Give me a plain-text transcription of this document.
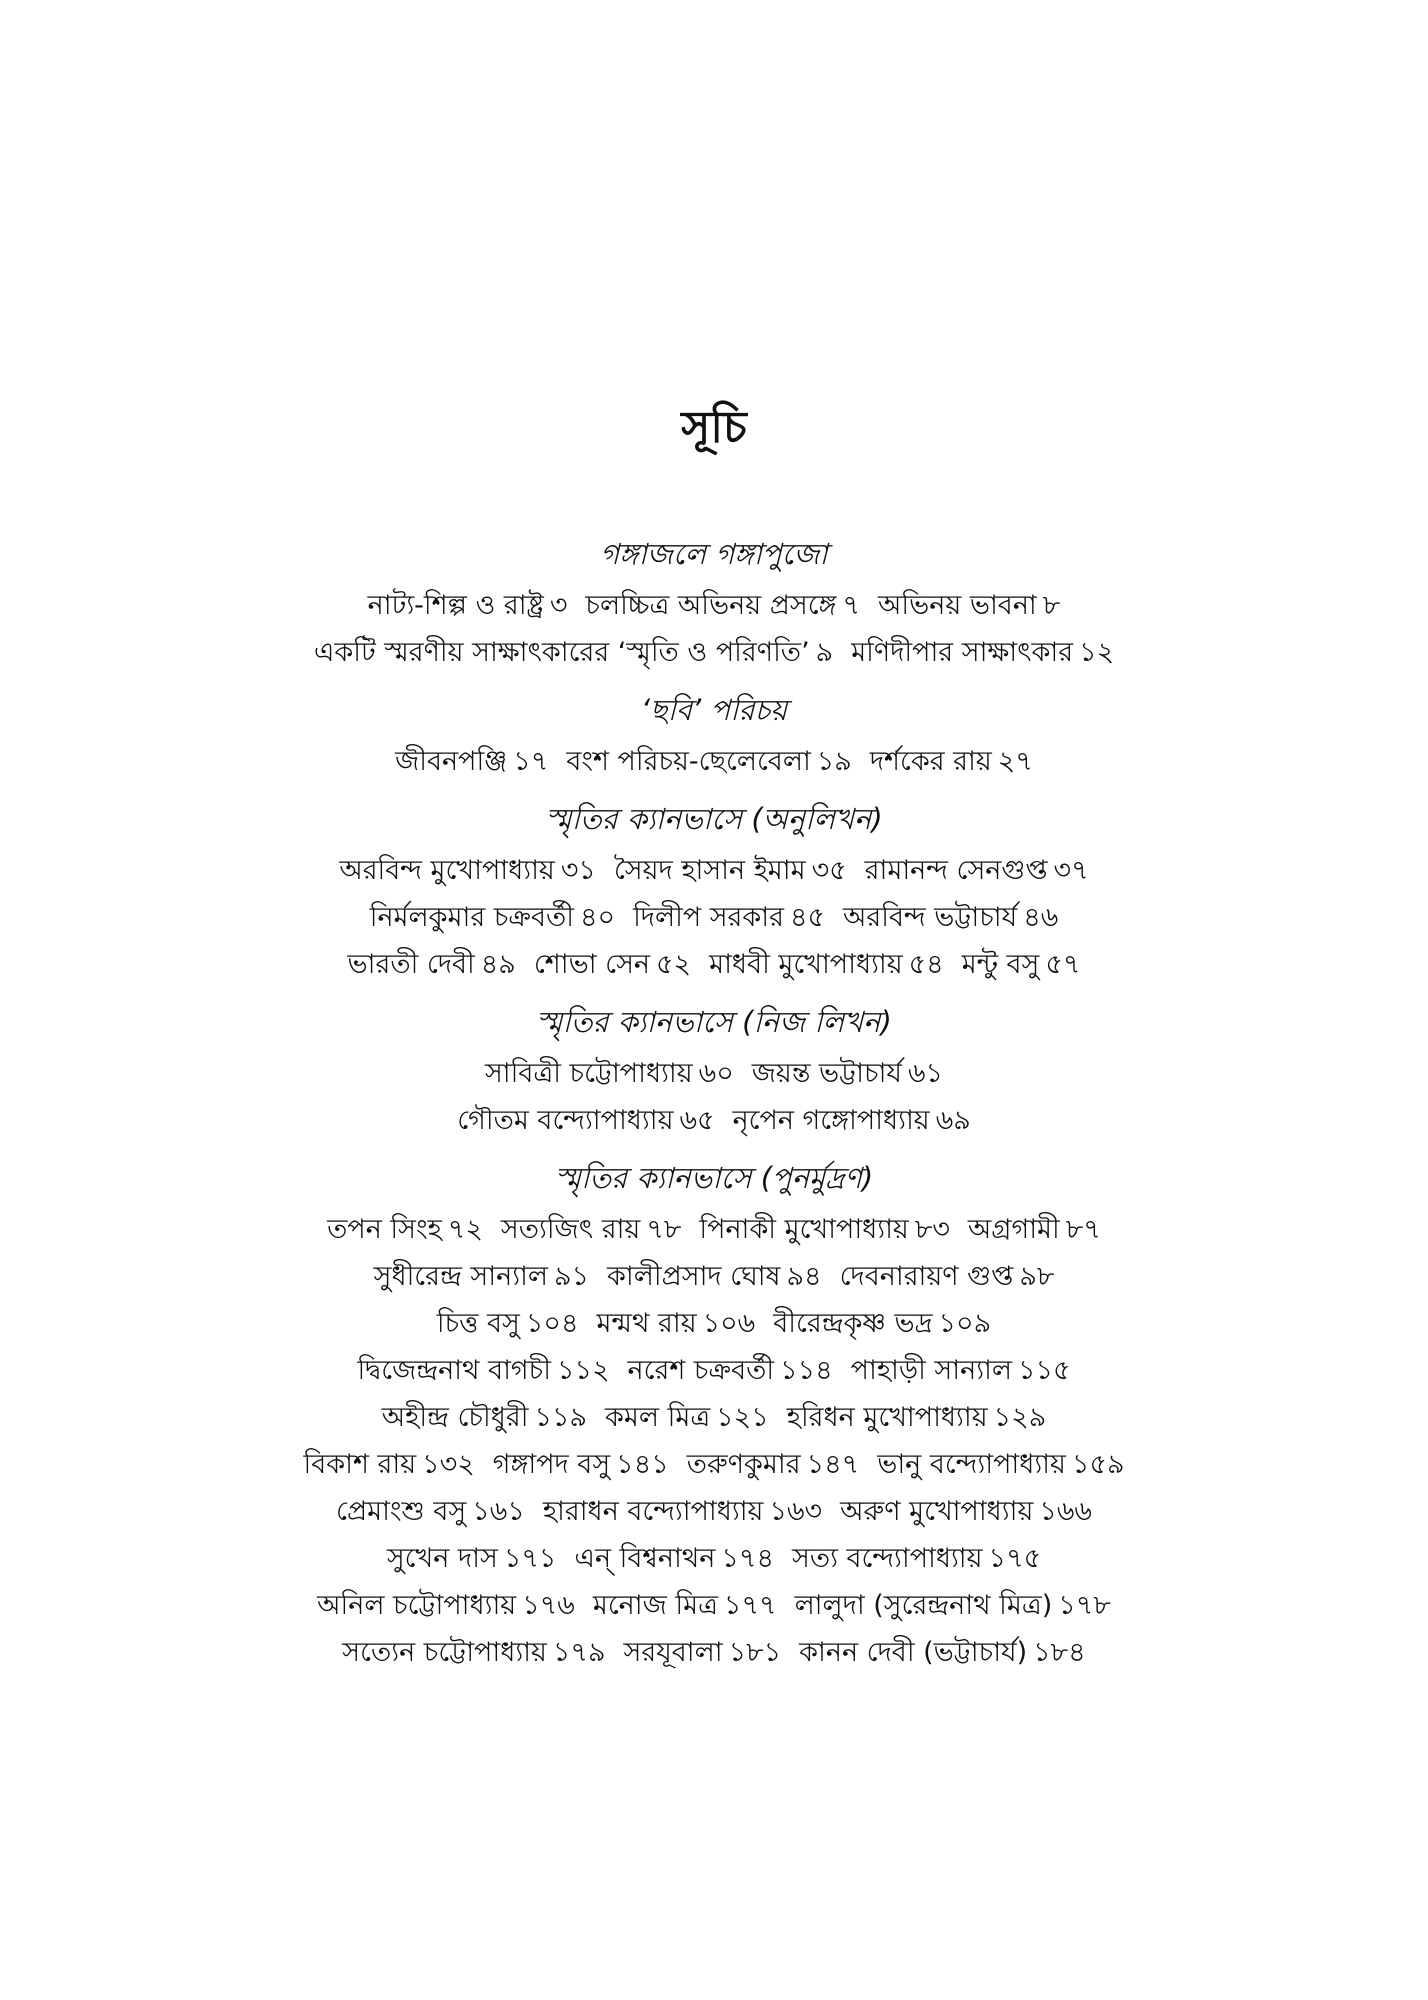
সূচি
গঙ্গাজলে গঙ্গাপুজো
নাট্য-শিল্প ও রাষ্ট্র ৩ চলচ্চিত্র অভিনয় প্রসঙ্গে ৭ অভিনয় ভাবনা ৮
একটি স্মরণীয় সাক্ষাৎকারের ‘স্মৃতি ও পরিণতি’ ৯ মণিদীপার সাক্ষাৎকার ১২
‘ছবি’ পরিচয়
জীবনপঞ্জি ১৭ বংশ পরিচয়-ছেলেবেলা ১৯ দর্শকের রায় ২৭
স্মৃতির ক্যানভাসে (অনুলিখন)
অরবিন্দ মুখোপাধ্যায় ৩১ সৈয়দ হাসান ইমাম ৩৫ রামানন্দ সেনগুপ্ত ৩৭
নির্মলকুমার চক্রবর্তী ৪০ দিলীপ সরকার ৪৫ অরবিন্দ ভট্টাচার্য ৪৬
ভারতী দেবী ৪৯ শোভা সেন ৫২ মাধবী মুখোপাধ্যায় ৫৪ মন্টু বসু ৫৭
স্মৃতির ক্যানভাসে (নিজ লিখন)
সাবিত্রী চট্টোপাধ্যায় ৬০ জয়ন্ত ভট্টাচার্য ৬১
গৌতম বন্দ্যোপাধ্যায় ৬৫ নৃপেন গঙ্গোপাধ্যায় ৬৯
স্মৃতির ক্যানভাসে (পুনর্মুদ্রণ)
তপন সিংহ ৭২ সত্যজিৎ রায় ৭৮ পিনাকী মুখোপাধ্যায় ৮৩ অগ্রগামী ৮৭
সুধীরেন্দ্র সান্যাল ৯১ কালীপ্রসাদ ঘোষ ৯৪ দেবনারায়ণ গুপ্ত ৯৮
চিত্ত বসু ১০৪ মন্মথ রায় ১০৬ বীরেন্দ্রকৃষ্ণ ভদ্র ১০৯
দ্বিজেন্দ্রনাথ বাগচী ১১২ নরেশ চক্রবর্তী ১১৪ পাহাড়ী সান্যাল ১১৫
অহীন্দ্র চৌধুরী ১১৯ কমল মিত্র ১২১ হরিধন মুখোপাধ্যায় ১২৯
বিকাশ রায় ১৩২ গঙ্গাপদ বসু ১৪১ তরুণকুমার ১৪৭ ভানু বন্দ্যোপাধ্যায় ১৫৯
প্রেমাংশু বসু ১৬১ হারাধন বন্দ্যোপাধ্যায় ১৬৩ অরুণ মুখোপাধ্যায় ১৬৬
সুখেন দাস ১৭১ এন্ বিশ্বনাথন ১৭৪ সত্য বন্দ্যোপাধ্যায় ১৭৫
অনিল চট্টোপাধ্যায় ১৭৬ মনোজ মিত্র ১৭৭ লালুদা (সুরেন্দ্রনাথ মিত্র) ১৭৮
সত্যেন চট্টোপাধ্যায় ১৭৯ সরযূবালা ১৮১ কানন দেবী (ভট্টাচার্য) ১৮৪
